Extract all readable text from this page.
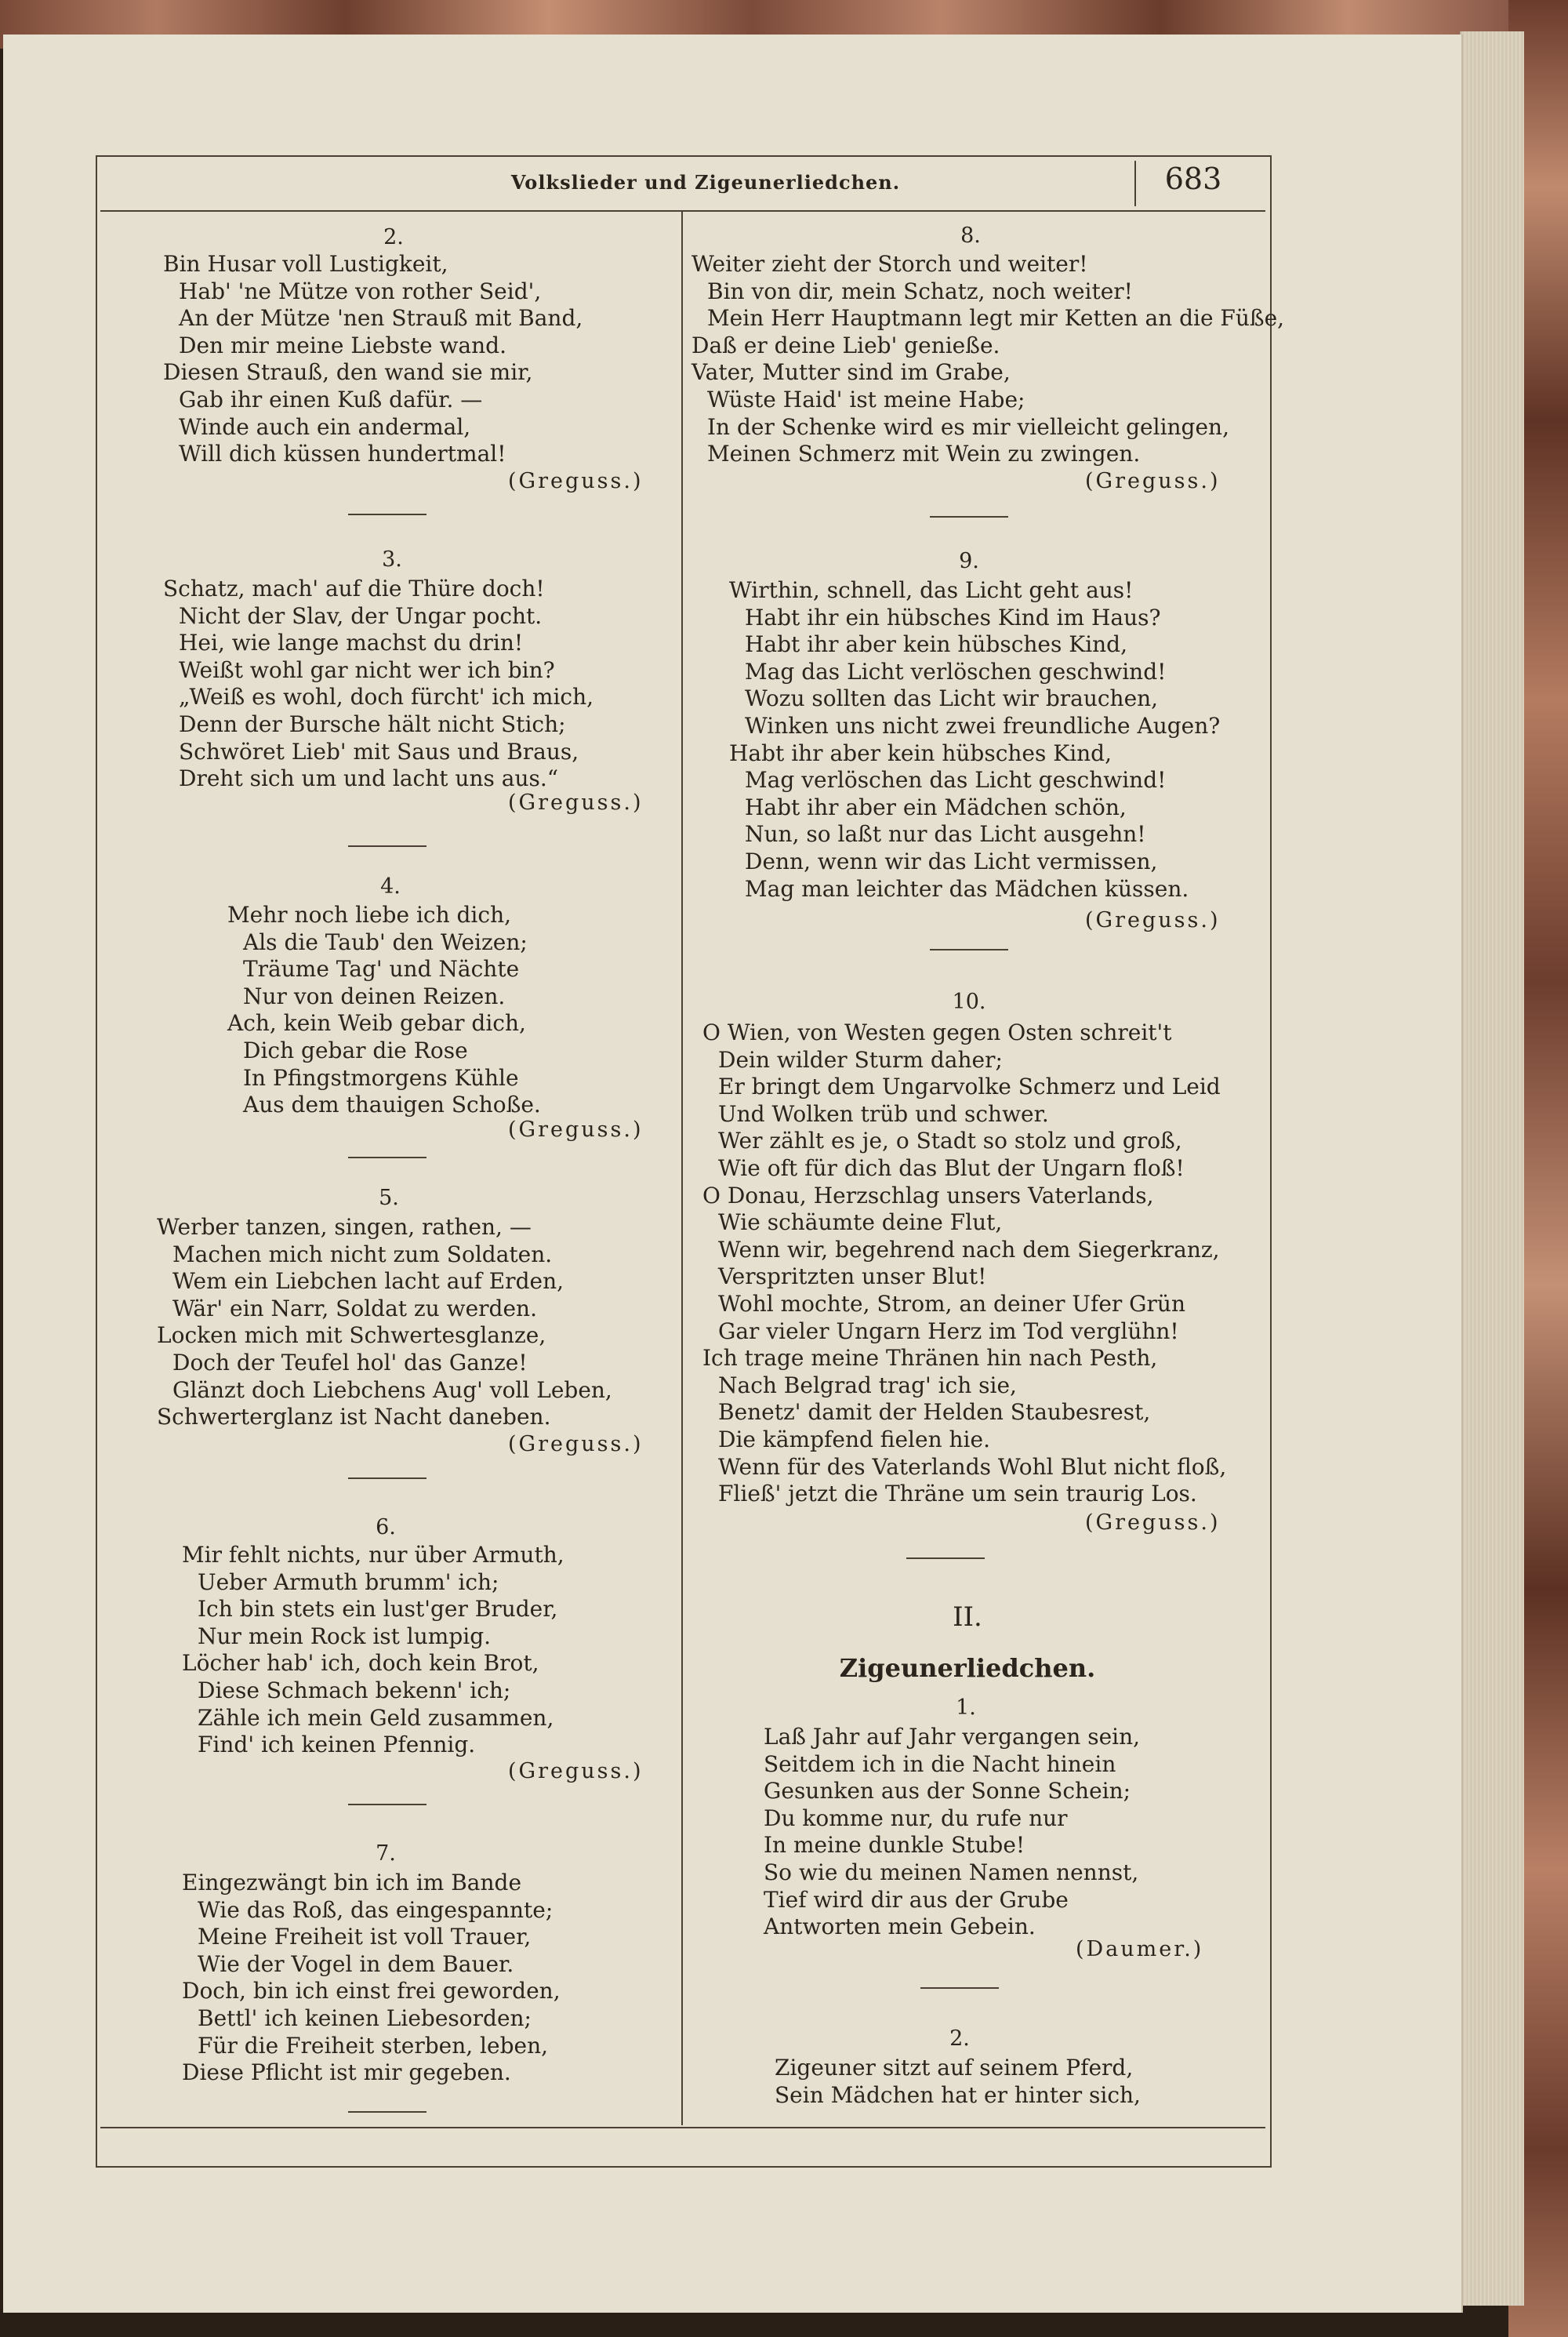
Volkslieder und Zigeunerliedchen.	683
2.
Bin Husar voll Lustigkeit,
Hab' 'ne Mütze von rother Seid',
An der Mütze 'nen Strauß mit Band,
Den mir meine Liebste wand.
Diesen Strauß, den wand sie mir,
Gab ihr einen Kuß dafür. —
Winde auch ein andermal,
Will dich küssen hundertmal!
(Greguss.)
3.
Schatz, mach' auf die Thüre doch!
Nicht der Slav, der Ungar pocht.
Hei, wie lange machst du drin!
Weißt wohl gar nicht wer ich bin?
„Weiß es wohl, doch fürcht' ich mich,
Denn der Bursche hält nicht Stich;
Schwöret Lieb' mit Saus und Braus,
Dreht sich um und lacht uns aus.“
(Greguss.)
4.
Mehr noch liebe ich dich,
Als die Taub' den Weizen;
Träume Tag' und Nächte
Nur von deinen Reizen.
Ach, kein Weib gebar dich,
Dich gebar die Rose
In Pfingstmorgens Kühle
Aus dem thauigen Schoße.
(Greguss.)
5.
Werber tanzen, singen, rathen, —
Machen mich nicht zum Soldaten.
Wem ein Liebchen lacht auf Erden,
Wär' ein Narr, Soldat zu werden.
Locken mich mit Schwertesglanze,
Doch der Teufel hol' das Ganze!
Glänzt doch Liebchens Aug' voll Leben,
Schwerterglanz ist Nacht daneben.
(Greguss.)
6.
Mir fehlt nichts, nur über Armuth,
Ueber Armuth brumm' ich;
Ich bin stets ein lust'ger Bruder,
Nur mein Rock ist lumpig.
Löcher hab' ich, doch kein Brot,
Diese Schmach bekenn' ich;
Zähle ich mein Geld zusammen,
Find' ich keinen Pfennig.
(Greguss.)
7.
Eingezwängt bin ich im Bande
Wie das Roß, das eingespannte;
Meine Freiheit ist voll Trauer,
Wie der Vogel in dem Bauer.
Doch, bin ich einst frei geworden,
Bettl' ich keinen Liebesorden;
Für die Freiheit sterben, leben,
Diese Pflicht ist mir gegeben.
8.
Weiter zieht der Storch und weiter!
Bin von dir, mein Schatz, noch weiter!
Mein Herr Hauptmann legt mir Ketten an die Füße,
Daß er deine Lieb' genieße.
Vater, Mutter sind im Grabe,
Wüste Haid' ist meine Habe;
In der Schenke wird es mir vielleicht gelingen,
Meinen Schmerz mit Wein zu zwingen.
(Greguss.)
9.
Wirthin, schnell, das Licht geht aus!
Habt ihr ein hübsches Kind im Haus?
Habt ihr aber kein hübsches Kind,
Mag das Licht verlöschen geschwind!
Wozu sollten das Licht wir brauchen,
Winken uns nicht zwei freundliche Augen?
Habt ihr aber kein hübsches Kind,
Mag verlöschen das Licht geschwind!
Habt ihr aber ein Mädchen schön,
Nun, so laßt nur das Licht ausgehn!
Denn, wenn wir das Licht vermissen,
Mag man leichter das Mädchen küssen.
(Greguss.)
10.
O Wien, von Westen gegen Osten schreit't
Dein wilder Sturm daher;
Er bringt dem Ungarvolke Schmerz und Leid
Und Wolken trüb und schwer.
Wer zählt es je, o Stadt so stolz und groß,
Wie oft für dich das Blut der Ungarn floß!
O Donau, Herzschlag unsers Vaterlands,
Wie schäumte deine Flut,
Wenn wir, begehrend nach dem Siegerkranz,
Verspritzten unser Blut!
Wohl mochte, Strom, an deiner Ufer Grün
Gar vieler Ungarn Herz im Tod verglühn!
Ich trage meine Thränen hin nach Pesth,
Nach Belgrad trag' ich sie,
Benetz' damit der Helden Staubesrest,
Die kämpfend fielen hie.
Wenn für des Vaterlands Wohl Blut nicht floß,
Fließ' jetzt die Thräne um sein traurig Los.
(Greguss.)
II.
Zigeunerliedchen.
1.
Laß Jahr auf Jahr vergangen sein,
Seitdem ich in die Nacht hinein
Gesunken aus der Sonne Schein;
Du komme nur, du rufe nur
In meine dunkle Stube!
So wie du meinen Namen nennst,
Tief wird dir aus der Grube
Antworten mein Gebein.
(Daumer.)
2.
Zigeuner sitzt auf seinem Pferd,
Sein Mädchen hat er hinter sich,
